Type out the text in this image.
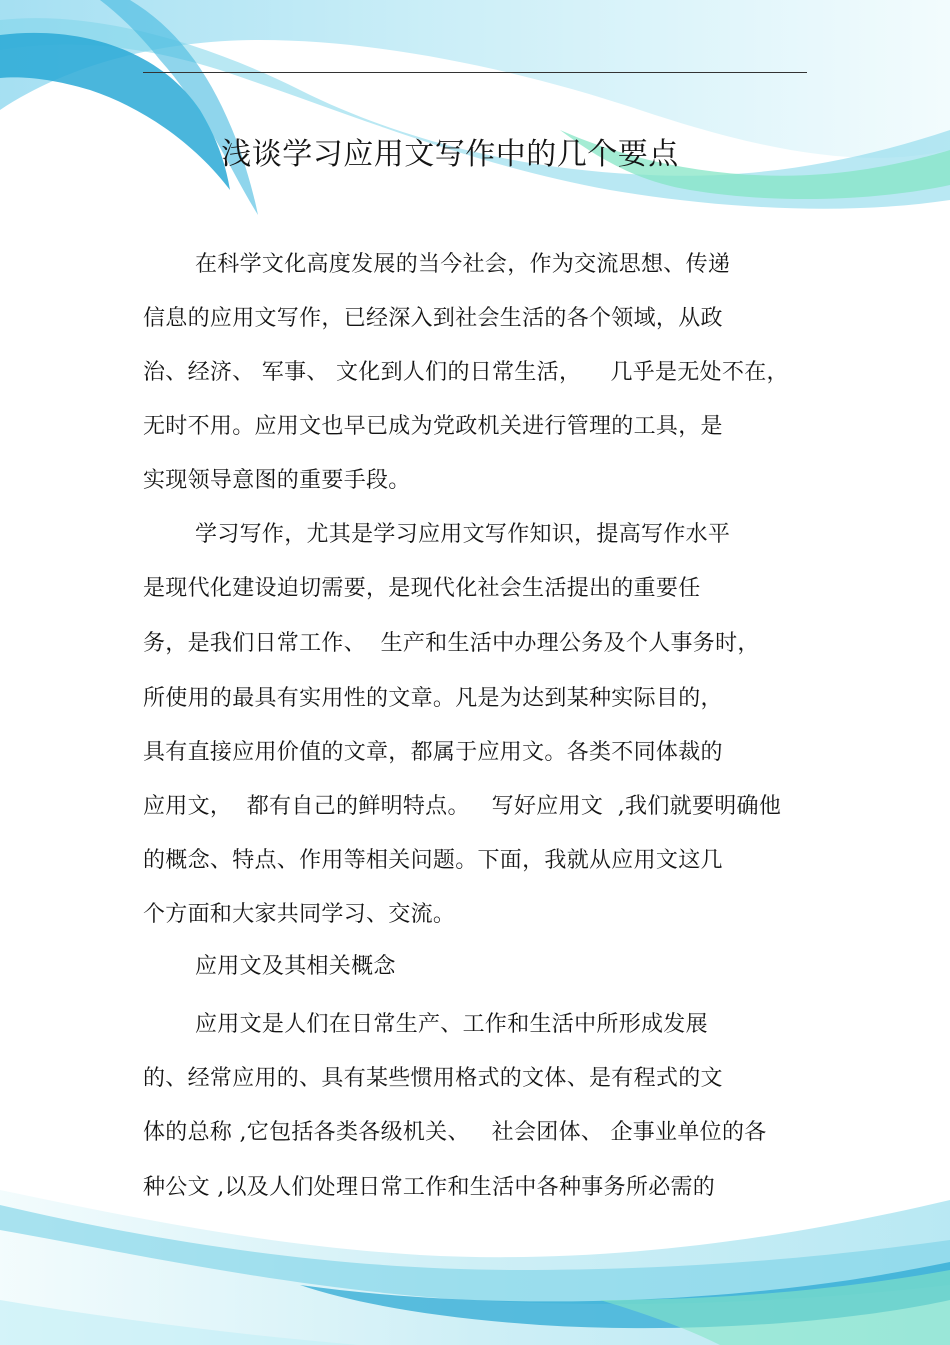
浅谈学习应用文写作中的几个要点
在科学文化高度发展的当今社会，作为交流思想、传递
信息的应用文写作，已经深入到社会生活的各个领域，从政
治、经济、 军事、 文化到人们的日常生活，    几乎是无处不在，
无时不用。应用文也早已成为党政机关进行管理的工具，是
实现领导意图的重要手段。
学习写作，尤其是学习应用文写作知识，提高写作水平
是现代化建设迫切需要，是现代化社会生活提出的重要任
务，是我们日常工作、  生产和生活中办理公务及个人事务时，
所使用的最具有实用性的文章。凡是为达到某种实际目的，
具有直接应用价值的文章，都属于应用文。各类不同体裁的
应用文，  都有自己的鲜明特点。   写好应用文  ,我们就要明确他
的概念、特点、作用等相关问题。下面，我就从应用文这几
个方面和大家共同学习、交流。
应用文及其相关概念
应用文是人们在日常生产、工作和生活中所形成发展
的、经常应用的、具有某些惯用格式的文体、是有程式的文
体的总称 ,它包括各类各级机关、   社会团体、 企事业单位的各
种公文 ,以及人们处理日常工作和生活中各种事务所必需的
